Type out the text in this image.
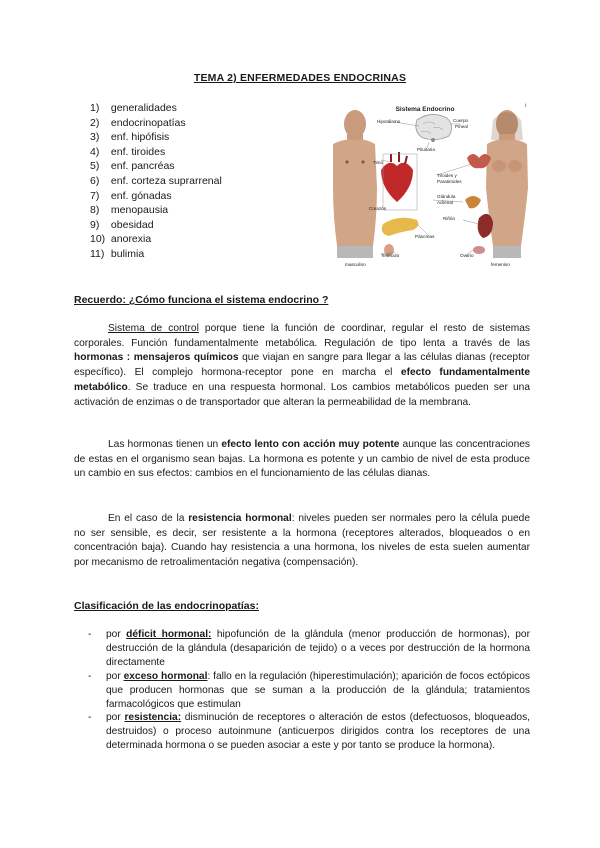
TEMA 2) ENFERMEDADES ENDOCRINAS
1) generalidades
2) endocrinopatías
3) enf. hipófisis
4) enf. tiroides
5) enf. pancréas
6) enf. corteza suprarrenal
7) enf. gónadas
8) menopausia
9) obesidad
10) anorexia
11) bulimia
Sistema Endocrino	i
Hipotálamo	Cuerpo
Pineal
Pituitaria
Timo
Tiroides y
Paratiroides
Glándula
Adrenal
Corazón
Riñón
Páncreas
Testículo	Ovario
masculino	femenino
Recuerdo: ¿Cómo funciona el sistema endocrino ?

Sistema de control porque tiene la función de coordinar, regular el resto de sistemas corporales. Función fundamentalmente metabólica. Regulación de tipo lenta a través de las hormonas : mensajeros químicos que viajan en sangre para llegar a las células dianas (receptor específico). El complejo hormona-receptor pone en marcha el efecto fundamentalmente metabólico. Se traduce en una respuesta hormonal. Los cambios metabólicos pueden ser una activación de enzimas o de transportador que alteran la permeabilidad de la membrana.

Las hormonas tienen un efecto lento con acción muy potente aunque las concentraciones de estas en el organismo sean bajas. La hormona es potente y un cambio de nivel de esta produce un cambio en sus efectos: cambios en el funcionamiento de las células dianas.

En el caso de la resistencia hormonal: niveles pueden ser normales pero la célula puede no ser sensible, es decir, ser resistente a la hormona (receptores alterados, bloqueados o en concentración baja). Cuando hay resistencia a una hormona, los niveles de esta suelen aumentar por mecanismo de retroalimentación negativa (compensación).

Clasificación de las endocrinopatías:
- por déficit hormonal: hipofunción de la glándula (menor producción de hormonas), por destrucción de la glándula (desaparición de tejido) o a veces por destrucción de la hormona directamente
- por exceso hormonal: fallo en la regulación (hiperestimulación); aparición de focos ectópicos que producen hormonas que se suman a la producción de la glándula; tratamientos farmacológicos que estimulan
- por resistencia: disminución de receptores o alteración de estos (defectuosos, bloqueados, destruidos) o proceso autoinmune (anticuerpos dirigidos contra los receptores de una determinada hormona o se pueden asociar a este y por tanto se produce la hormona).
